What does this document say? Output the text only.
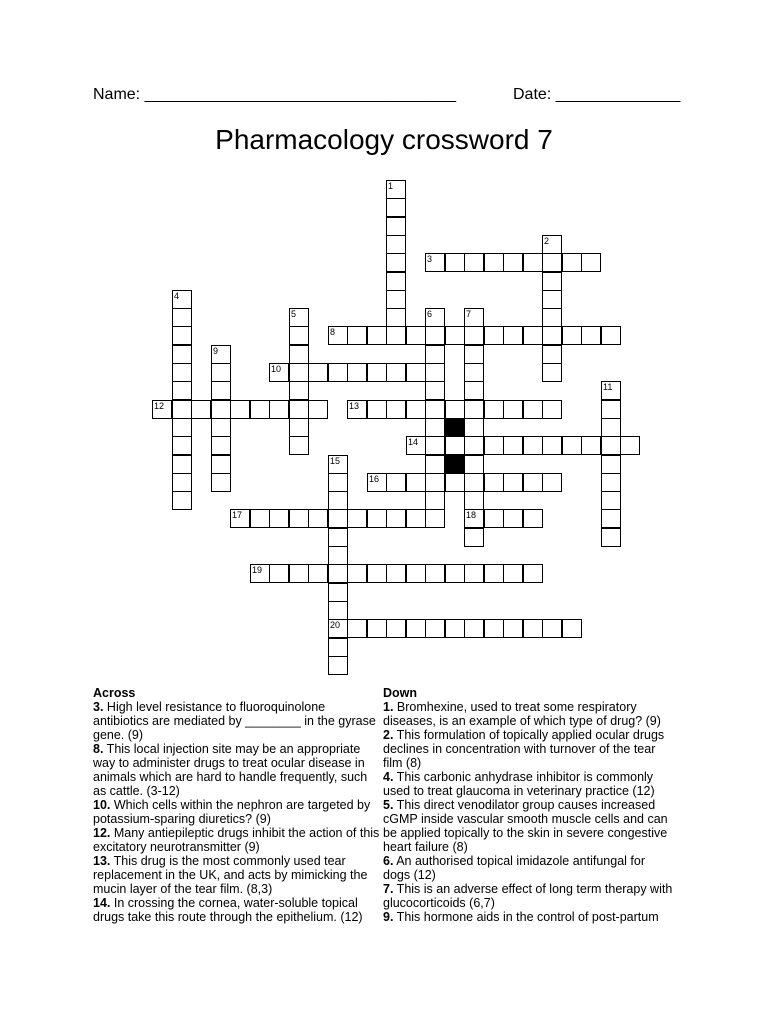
Name: ___________________________________	Date: ______________
Pharmacology crossword 7
1
2
3
4
5	6	7
18
8
9
10
11
12	13
14
15
20
16
17
19
Across
3. High level resistance to fluoroquinolone antibiotics are mediated by ________ in the gyrase gene. (9)
8. This local injection site may be an appropriate way to administer drugs to treat ocular disease in animals which are hard to handle frequently, such as cattle. (3-12)
10. Which cells within the nephron are targeted by potassium-sparing diuretics? (9)
12. Many antiepileptic drugs inhibit the action of this excitatory neurotransmitter (9)
13. This drug is the most commonly used tear replacement in the UK, and acts by mimicking the mucin layer of the tear film. (8,3)
14. In crossing the cornea, water-soluble topical drugs take this route through the epithelium. (12)
Down
1. Bromhexine, used to treat some respiratory diseases, is an example of which type of drug? (9)
2. This formulation of topically applied ocular drugs declines in concentration with turnover of the tear film (8)
4. This carbonic anhydrase inhibitor is commonly used to treat glaucoma in veterinary practice (12)
5. This direct venodilator group causes increased cGMP inside vascular smooth muscle cells and can be applied topically to the skin in severe congestive heart failure (8)
6. An authorised topical imidazole antifungal for dogs (12)
7. This is an adverse effect of long term therapy with glucocorticoids (6,7)
9. This hormone aids in the control of post-partum
